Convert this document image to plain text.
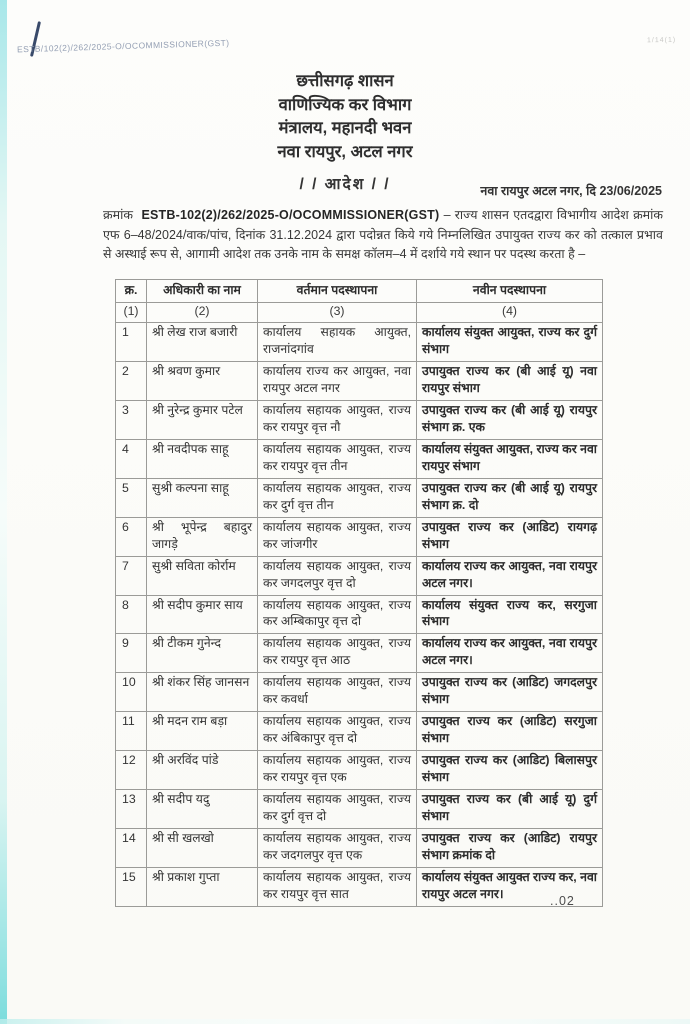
ESTB/102(2)/262/2025-O/OCOMMISSIONER(GST)	1/14(1)
छत्तीसगढ़ शासन
वाणिज्यिक कर विभाग
मंत्रालय, महानदी भवन
नवा रायपुर, अटल नगर
/ / आदेश / /	नवा रायपुर अटल नगर, दि 23/06/2025
क्रमांक ESTB-102(2)/262/2025-O/OCOMMISSIONER(GST) – राज्य शासन एतदद्वारा विभागीय आदेश क्रमांक एफ 6–48/2024/वाक/पांच, दिनांक 31.12.2024 द्वारा पदोन्नत किये गये निम्नलिखित उपायुक्त राज्य कर को तत्काल प्रभाव से अस्थाई रूप से, आगामी आदेश तक उनके नाम के समक्ष कॉलम–4 में दर्शाये गये स्थान पर पदस्थ करता है –
क्र.	अधिकारी का नाम	वर्तमान पदस्थापना	नवीन पदस्थापना
(1)	(2)	(3)	(4)
1	श्री लेख राज बजारी	कार्यालय सहायक आयुक्त, राजनांदगांव	कार्यालय संयुक्त आयुक्त, राज्य कर दुर्ग संभाग
2	श्री श्रवण कुमार	कार्यालय राज्य कर आयुक्त, नवा रायपुर अटल नगर	उपायुक्त राज्य कर (बी आई यू) नवा रायपुर संभाग
3	श्री नुरेन्द्र कुमार पटेल	कार्यालय सहायक आयुक्त, राज्य कर रायपुर वृत्त नौ	उपायुक्त राज्य कर (बी आई यू) रायपुर संभाग क्र. एक
4	श्री नवदीपक साहू	कार्यालय सहायक आयुक्त, राज्य कर रायपुर वृत्त तीन	कार्यालय संयुक्त आयुक्त, राज्य कर नवा रायपुर संभाग
5	सुश्री कल्पना साहू	कार्यालय सहायक आयुक्त, राज्य कर दुर्ग वृत्त तीन	उपायुक्त राज्य कर (बी आई यू) रायपुर संभाग क्र. दो
6	श्री भूपेन्द्र बहादुर जागड़े	कार्यालय सहायक आयुक्त, राज्य कर जांजगीर	उपायुक्त राज्य कर (आडिट) रायगढ़ संभाग
7	सुश्री सविता कोर्राम	कार्यालय सहायक आयुक्त, राज्य कर जगदलपुर वृत्त दो	कार्यालय राज्य कर आयुक्त, नवा रायपुर अटल नगर।
8	श्री सदीप कुमार साय	कार्यालय सहायक आयुक्त, राज्य कर अम्बिकापुर वृत्त दो	कार्यालय संयुक्त राज्य कर, सरगुजा संभाग
9	श्री टीकम गुनेन्द	कार्यालय सहायक आयुक्त, राज्य कर रायपुर वृत्त आठ	कार्यालय राज्य कर आयुक्त, नवा रायपुर अटल नगर।
10	श्री शंकर सिंह जानसन	कार्यालय सहायक आयुक्त, राज्य कर कवर्धा	उपायुक्त राज्य कर (आडिट) जगदलपुर संभाग
11	श्री मदन राम बड़ा	कार्यालय सहायक आयुक्त, राज्य कर अंबिकापुर वृत्त दो	उपायुक्त राज्य कर (आडिट) सरगुजा संभाग
12	श्री अरविंद पांडे	कार्यालय सहायक आयुक्त, राज्य कर रायपुर वृत्त एक	उपायुक्त राज्य कर (आडिट) बिलासपुर संभाग
13	श्री सदीप यदु	कार्यालय सहायक आयुक्त, राज्य कर दुर्ग वृत्त दो	उपायुक्त राज्य कर (बी आई यू) दुर्ग संभाग
14	श्री सी खलखो	कार्यालय सहायक आयुक्त, राज्य कर जदगलपुर वृत्त एक	उपायुक्त राज्य कर (आडिट) रायपुर संभाग क्रमांक दो
15	श्री प्रकाश गुप्ता	कार्यालय सहायक आयुक्त, राज्य कर रायपुर वृत्त सात	कार्यालय संयुक्त आयुक्त राज्य कर, नवा रायपुर अटल नगर।	..02
